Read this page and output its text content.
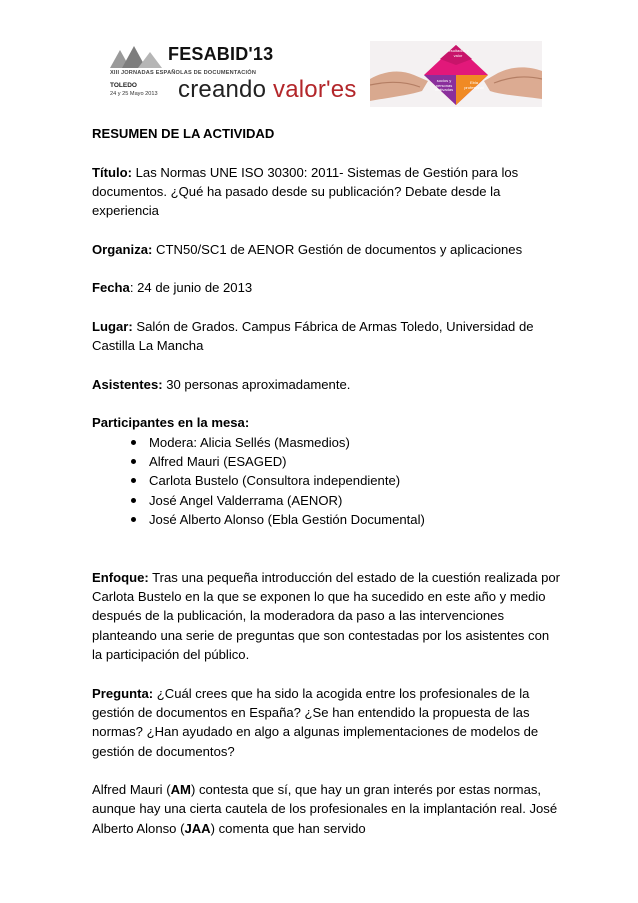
FESABID'13
XIII JORNADAS ESPAÑOLAS DE DOCUMENTACIÓN
TOLEDO
24 y 25 Mayo 2013 creando valor'es
resultados y valor
socios y personas motivadas
Ebla profesional

RESUMEN DE LA ACTIVIDAD

Título: Las Normas UNE ISO 30300: 2011- Sistemas de Gestión para los documentos. ¿Qué ha pasado desde su publicación? Debate desde la experiencia

Organiza: CTN50/SC1 de AENOR Gestión de documentos y aplicaciones

Fecha: 24 de junio de 2013

Lugar: Salón de Grados. Campus Fábrica de Armas Toledo, Universidad de Castilla La Mancha

Asistentes: 30 personas aproximadamente.

Participantes en la mesa:
Modera: Alicia Sellés (Masmedios)
Alfred Mauri (ESAGED)
Carlota Bustelo (Consultora independiente)
José Angel Valderrama (AENOR)
José Alberto Alonso (Ebla Gestión Documental)

Enfoque: Tras una pequeña introducción del estado de la cuestión realizada por Carlota Bustelo en la que se exponen lo que ha sucedido en este año y medio después de la publicación, la moderadora da paso a las intervenciones planteando una serie de preguntas que son contestadas por los asistentes con la participación del público.

Pregunta: ¿Cuál crees que ha sido la acogida entre los profesionales de la gestión de documentos en España? ¿Se han entendido la propuesta de las normas? ¿Han ayudado en algo a algunas implementaciones de modelos de gestión de documentos?

Alfred Mauri (AM) contesta que sí, que hay un gran interés por estas normas, aunque hay una cierta cautela de los profesionales en la implantación real. José Alberto Alonso (JAA) comenta que han servido
